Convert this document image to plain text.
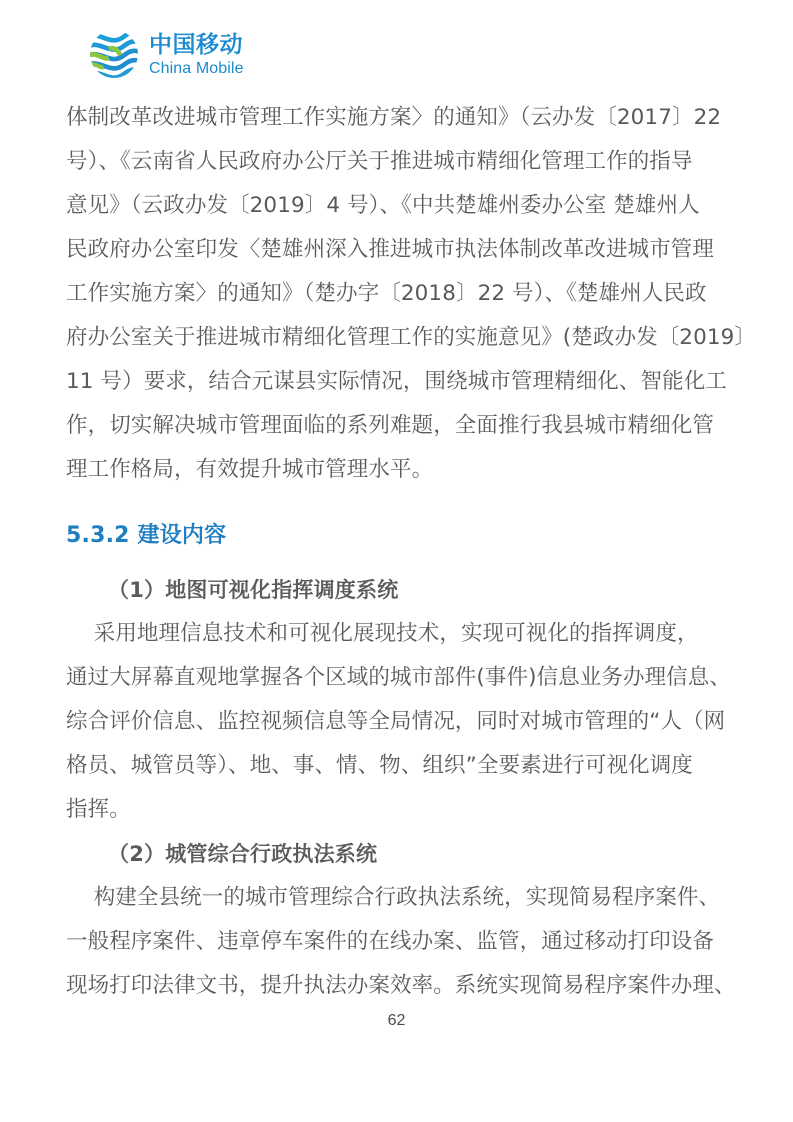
中国移动
China Mobile

体制改革改进城市管理工作实施方案〉的通知》（云办发〔2017〕22
号）、《云南省人民政府办公厅关于推进城市精细化管理工作的指导
意见》（云政办发〔2019〕4 号）、《中共楚雄州委办公室 楚雄州人
民政府办公室印发〈楚雄州深入推进城市执法体制改革改进城市管理
工作实施方案〉的通知》（楚办字〔2018〕22 号）、《楚雄州人民政
府办公室关于推进城市精细化管理工作的实施意见》(楚政办发〔2019〕
11 号）要求，结合元谋县实际情况，围绕城市管理精细化、智能化工
作，切实解决城市管理面临的系列难题，全面推行我县城市精细化管
理工作格局，有效提升城市管理水平。

5.3.2 建设内容
（1）地图可视化指挥调度系统

采用地理信息技术和可视化展现技术，实现可视化的指挥调度，
通过大屏幕直观地掌握各个区域的城市部件(事件)信息业务办理信息、
综合评价信息、监控视频信息等全局情况，同时对城市管理的“人（网
格员、城管员等）、地、事、情、物、组织”全要素进行可视化调度
指挥。

（2）城管综合行政执法系统

构建全县统一的城市管理综合行政执法系统，实现简易程序案件、
一般程序案件、违章停车案件的在线办案、监管，通过移动打印设备
现场打印法律文书，提升执法办案效率。系统实现简易程序案件办理、

62
